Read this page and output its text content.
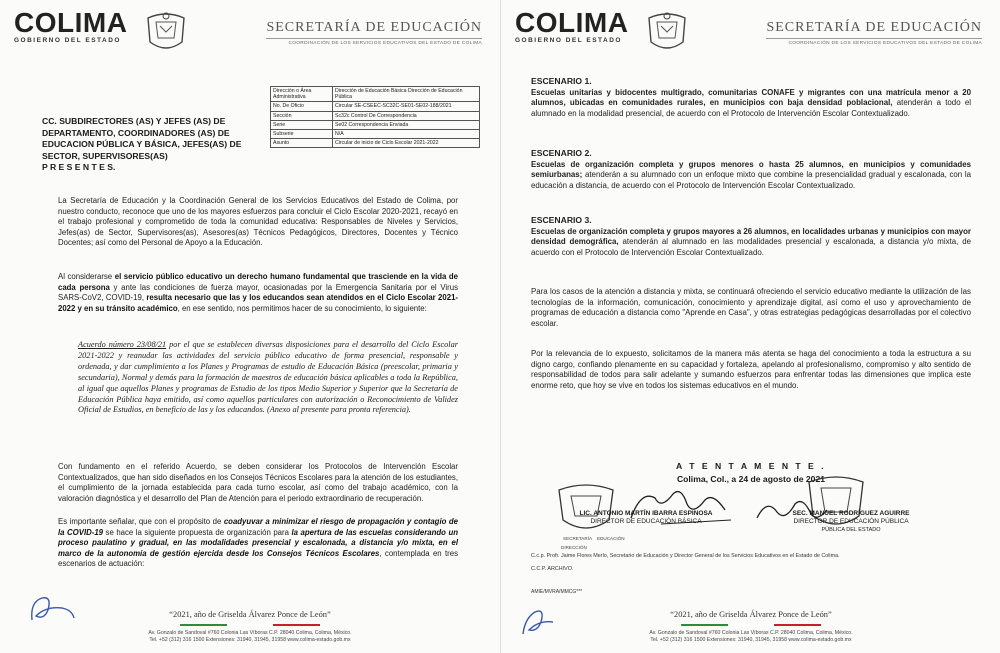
COLIMA
GOBIERNO DEL ESTADO
SECRETARÍA DE EDUCACIÓN
COORDINACIÓN DE LOS SERVICIOS EDUCATIVOS DEL ESTADO DE COLIMA
CC. SUBDIRECTORES (AS) Y JEFES (AS) DE
DEPARTAMENTO, COORDINADORES (AS) DE
EDUCACION PÚBLICA Y BÁSICA, JEFES(AS) DE
SECTOR, SUPERVISORES(AS)
P R E S E N T E S.
Dirección o Área Administrativa	Dirección de Educación Básica Dirección de Educación Pública
No. De Oficio	Circular SE-CSEEC-SC32C-SE01-SE02-188/2021
Sección	Sc32c Control De Correspondencia
Serie	Se02 Correspondencia Enviada
Subserie	N/A
Asunto	Circular de inicio de Ciclo Escolar 2021-2022
La Secretaría de Educación y la Coordinación General de los Servicios Educativos del Estado de Colima, por nuestro conducto, reconoce que uno de los mayores esfuerzos para concluir el Ciclo Escolar 2020-2021, recayó en el trabajo profesional y comprometido de toda la comunidad educativa: Responsables de Niveles y Servicios, Jefes(as) de Sector, Supervisores(as), Asesores(as) Técnicos Pedagógicos, Directores, Docentes y Técnico Docentes; así como del Personal de Apoyo a la Educación.
Al considerarse el servicio público educativo un derecho humano fundamental que trasciende en la vida de cada persona y ante las condiciones de fuerza mayor, ocasionadas por la Emergencia Sanitaria por el Virus SARS-CoV2, COVID-19, resulta necesario que las y los educandos sean atendidos en el Ciclo Escolar 2021-2022 y en su tránsito académico, en ese sentido, nos permitimos hacer de su conocimiento, lo siguiente:
Acuerdo número 23/08/21 por el que se establecen diversas disposiciones para el desarrollo del Ciclo Escolar 2021-2022 y reanudar las actividades del servicio público educativo de forma presencial, responsable y ordenada, y dar cumplimiento a los Planes y Programas de estudio de Educación Básica (preescolar, primaria y secundaria), Normal y demás para la formación de maestros de educación básica aplicables a toda la República, al igual que aquellos Planes y programas de Estudio de los tipos Medio Superior y Superior que la Secretaría de Educación Pública haya emitido, así como aquellos particulares con autorización o Reconocimiento de Validez Oficial de Estudios, en beneficio de las y los educandos. (Anexo al presente para pronta referencia).
Con fundamento en el referido Acuerdo, se deben considerar los Protocolos de Intervención Escolar Contextualizados, que han sido diseñados en los Consejos Técnicos Escolares para la atención de los estudiantes, el cumplimiento de la jornada establecida para cada turno escolar, así como del trabajo académico, con la valoración diagnóstica y el desarrollo del Plan de Atención para el periodo extraordinario de recuperación.
Es importante señalar, que con el propósito de coadyuvar a minimizar el riesgo de propagación y contagio de la COVID-19 se hace la siguiente propuesta de organización para la apertura de las escuelas considerando un proceso paulatino y gradual, en las modalidades presencial y escalonada, a distancia y/o mixta, en el marco de la autonomía de gestión ejercida desde los Consejos Técnicos Escolares, contemplada en tres escenarios de actuación:
“2021, año de Griselda Álvarez Ponce de León”
Av. Gonzalo de Sandoval #760 Colonia Las Víboras C.P. 28040 Colima, Colima, México.
Tel. +52 (312) 316 1500 Extensiones: 31940, 31945, 31958 www.colima-estado.gob.mx
COLIMA
GOBIERNO DEL ESTADO
SECRETARÍA DE EDUCACIÓN
COORDINACIÓN DE LOS SERVICIOS EDUCATIVOS DEL ESTADO DE COLIMA
ESCENARIO 1.
Escuelas unitarias y bidocentes multigrado, comunitarias CONAFE y migrantes con una matrícula menor a 20 alumnos, ubicadas en comunidades rurales, en municipios con baja densidad poblacional, atenderán a todo el alumnado en la modalidad presencial, de acuerdo con el Protocolo de Intervención Escolar Contextualizado.
ESCENARIO 2.
Escuelas de organización completa y grupos menores o hasta 25 alumnos, en municipios y comunidades semiurbanas; atenderán a su alumnado con un enfoque mixto que combine la presencialidad gradual y escalonada, con la educación a distancia, de acuerdo con el Protocolo de Intervención Escolar Contextualizado.
ESCENARIO 3.
Escuelas de organización completa y grupos mayores a 26 alumnos, en localidades urbanas y municipios con mayor densidad demográfica, atenderán al alumnado en las modalidades presencial y escalonada, a distancia y/o mixta, de acuerdo con el Protocolo de Intervención Escolar Contextualizado.
Para los casos de la atención a distancia y mixta, se continuará ofreciendo el servicio educativo mediante la utilización de las tecnologías de la información, comunicación, conocimiento y aprendizaje digital, así como el uso y aprovechamiento de programas de educación a distancia como "Aprende en Casa", y otras estrategias pedagógicas desarrolladas por el colectivo escolar.
Por la relevancia de lo expuesto, solicitamos de la manera más atenta se haga del conocimiento a toda la estructura a su digno cargo, confiando plenamente en su capacidad y fortaleza, apelando al profesionalismo, compromiso y alto sentido de responsabilidad de todos para salir adelante y sumando esfuerzos para enfrentar todas las dimensiones que implica este enorme reto, que hoy se vive en todos los sistemas educativos en el mundo.
A T E N T A M E N T E .
Colima, Col., a 24 de agosto de 2021
LIC. ANTONIO MARTÍN IBARRA ESPINOSA
DIRECTOR DE EDUCACIÓN BÁSICA
SEC. MANUEL RODRÍGUEZ AGUIRRE
DIRECTOR DE EDUCACIÓN PÚBLICA
PÚBLICA DEL ESTADO
SECRETARÍA EDUCACIÓN
DIRECCIÓN
C.c.p. Profr. Jaime Flores Merlo, Secretario de Educación y Director General de los Servicios Educativos en el Estado de Colima.
C.C.P. ARCHIVO.
AMIE/MVRA/MMCG***
“2021, año de Griselda Álvarez Ponce de León”
Av. Gonzalo de Sandoval #760 Colonia Las Víboras C.P. 28040 Colima, Colima, México.
Tel. +52 (312) 316 1500 Extensiones: 31940, 31945, 31958 www.colima-estado.gob.mx
